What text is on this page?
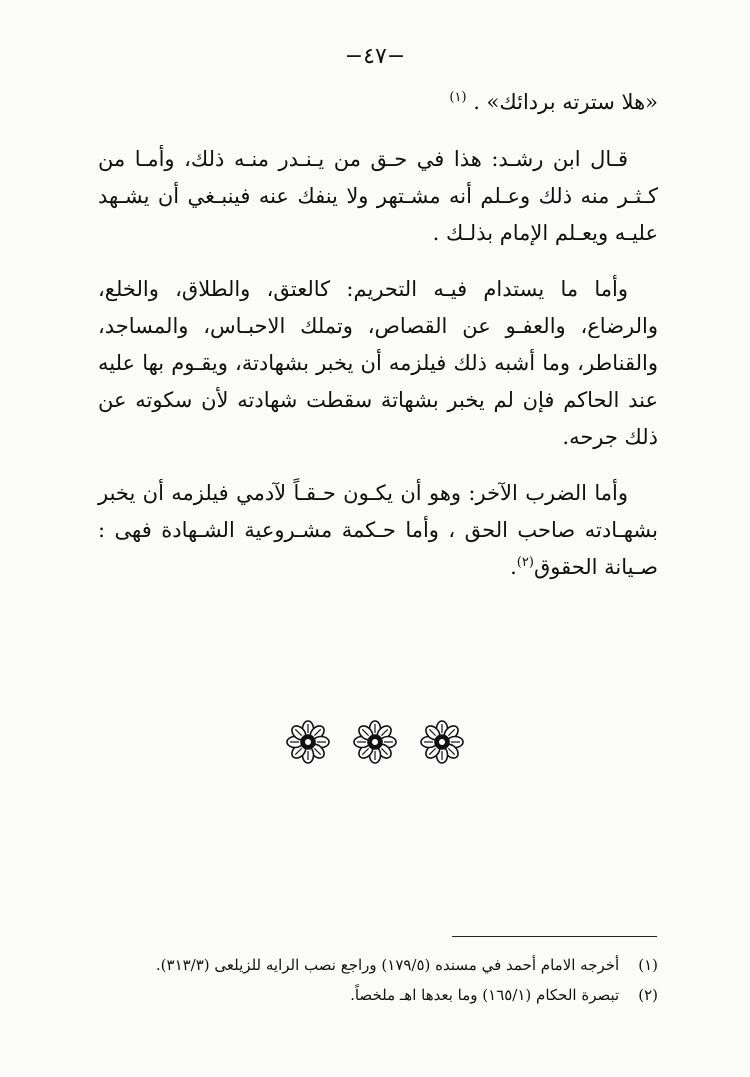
−٤٧−

«هلا سترته بردائك» . $^{(١)}$

قـال ابن رشـد: هذا في حـق من يـنـدر منـه ذلك، وأمـا من كـثـر منه ذلك وعـلم أنه مشـتهر ولا ينفك عنه فينبـغي أن يشـهد عليـه ويعـلم الإمام بذلـك .

وأما ما يستدام فيـه التحريم: كالعتق، والطلاق، والخلع، والرضاع، والعفـو عن القصاص، وتملك الاحبـاس، والمساجد، والقناطر، وما أشبه ذلك فيلزمه أن يخبر بشهادتة، ويقـوم بها عليه عند الحاكم فإن لم يخبر بشهاتة سقطت شهادته لأن سكوته عن ذلك جرحه.

وأما الضرب الآخر: وهو أن يكـون حـقـاً لآدمي فيلزمه أن يخبر بشهـادته صاحب الحق ، وأما حـكمة مشـروعية الشـهادة فهى : صـيانة الحقوق$^{(٢)}$.

(١) أخرجه الامام أحمد في مسنده (١٧٩/٥) وراجع نصب الرايه للزيلعى (٣١٣/٣).
(٢) تبصرة الحكام (١٦٥/١) وما بعدها اهـ ملخصاً.
